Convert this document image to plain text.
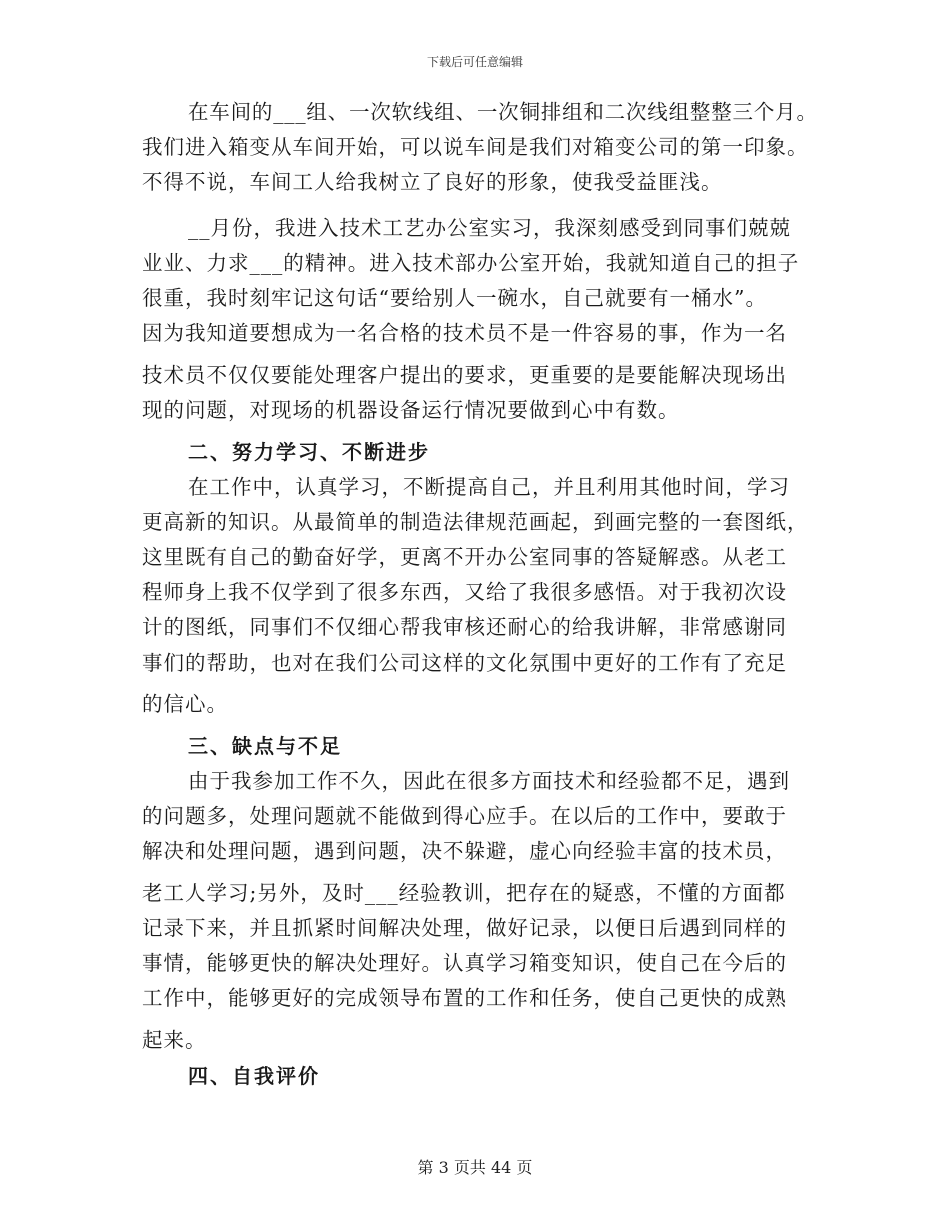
下载后可任意编辑
在车间的___组、一次软线组、一次铜排组和二次线组整整三个月。
我们进入箱变从车间开始，可以说车间是我们对箱变公司的第一印象。
不得不说，车间工人给我树立了良好的形象，使我受益匪浅。
__月份，我进入技术工艺办公室实习，我深刻感受到同事们兢兢
业业、力求___的精神。进入技术部办公室开始，我就知道自己的担子
很重，我时刻牢记这句话“要给别人一碗水，自己就要有一桶水”。
因为我知道要想成为一名合格的技术员不是一件容易的事，作为一名
技术员不仅仅要能处理客户提出的要求，更重要的是要能解决现场出
现的问题，对现场的机器设备运行情况要做到心中有数。
二、努力学习、不断进步
在工作中，认真学习，不断提高自己，并且利用其他时间，学习
更高新的知识。从最简单的制造法律规范画起，到画完整的一套图纸，
这里既有自己的勤奋好学，更离不开办公室同事的答疑解惑。从老工
程师身上我不仅学到了很多东西，又给了我很多感悟。对于我初次设
计的图纸，同事们不仅细心帮我审核还耐心的给我讲解，非常感谢同
事们的帮助，也对在我们公司这样的文化氛围中更好的工作有了充足
的信心。
三、缺点与不足
由于我参加工作不久，因此在很多方面技术和经验都不足，遇到
的问题多，处理问题就不能做到得心应手。在以后的工作中，要敢于
解决和处理问题，遇到问题，决不躲避，虚心向经验丰富的技术员，
老工人学习;另外，及时___经验教训，把存在的疑惑，不懂的方面都
记录下来，并且抓紧时间解决处理，做好记录，以便日后遇到同样的
事情，能够更快的解决处理好。认真学习箱变知识，使自己在今后的
工作中，能够更好的完成领导布置的工作和任务，使自己更快的成熟
起来。
四、自我评价
第 3 页共 44 页
